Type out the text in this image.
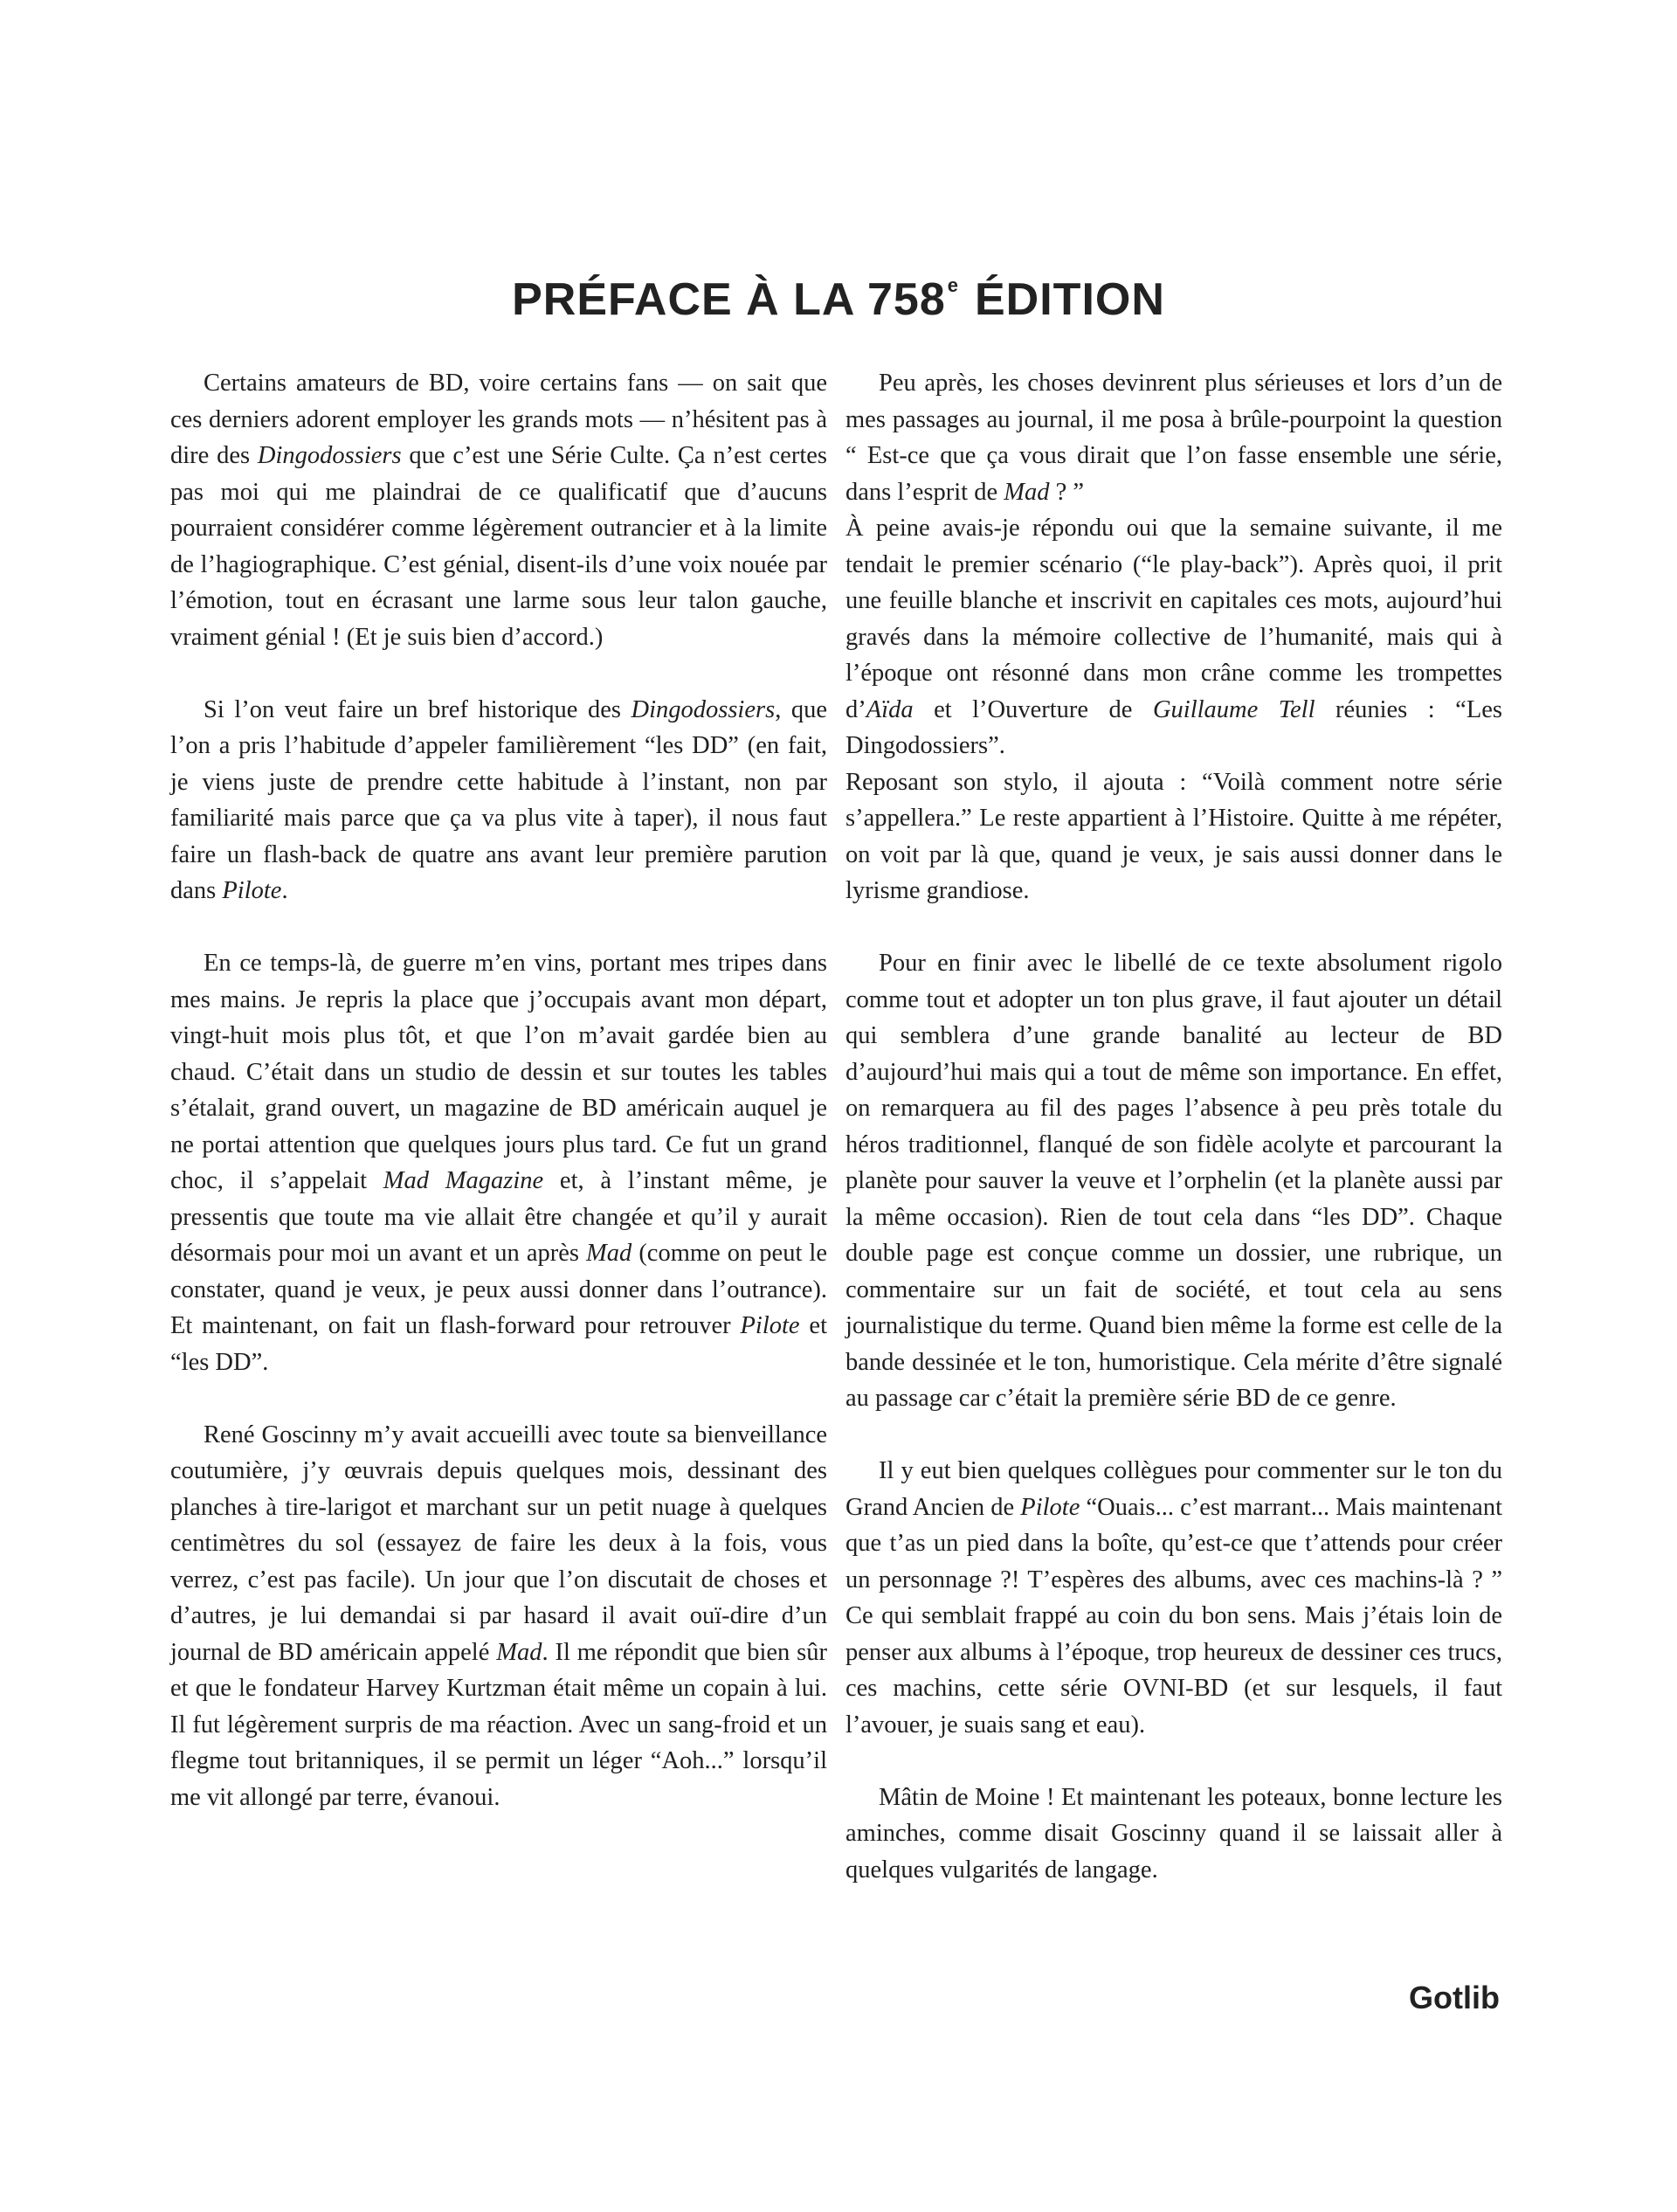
PRÉFACE À LA 758e ÉDITION

Certains amateurs de BD, voire certains fans — on sait que ces derniers adorent employer les grands mots — n’hésitent pas à dire des Dingodossiers que c’est une Série Culte. Ça n’est certes pas moi qui me plaindrai de ce qualificatif que d’aucuns pourraient considérer comme légèrement outrancier et à la limite de l’hagiographique. C’est génial, disent-ils d’une voix nouée par l’émotion, tout en écrasant une larme sous leur talon gauche, vraiment génial ! (Et je suis bien d’accord.)

Si l’on veut faire un bref historique des Dingodossiers, que l’on a pris l’habitude d’appeler familièrement “les DD” (en fait, je viens juste de prendre cette habitude à l’instant, non par familiarité mais parce que ça va plus vite à taper), il nous faut faire un flash-back de quatre ans avant leur première parution dans Pilote.

En ce temps-là, de guerre m’en vins, portant mes tripes dans mes mains. Je repris la place que j’occupais avant mon départ, vingt-huit mois plus tôt, et que l’on m’avait gardée bien au chaud. C’était dans un studio de dessin et sur toutes les tables s’étalait, grand ouvert, un magazine de BD américain auquel je ne portai attention que quelques jours plus tard. Ce fut un grand choc, il s’appelait Mad Magazine et, à l’instant même, je pressentis que toute ma vie allait être changée et qu’il y aurait désormais pour moi un avant et un après Mad (comme on peut le constater, quand je veux, je peux aussi donner dans l’outrance). Et maintenant, on fait un flash-forward pour retrouver Pilote et “les DD”.

René Goscinny m’y avait accueilli avec toute sa bienveillance coutumière, j’y œuvrais depuis quelques mois, dessinant des planches à tire-larigot et marchant sur un petit nuage à quelques centimètres du sol (essayez de faire les deux à la fois, vous verrez, c’est pas facile). Un jour que l’on discutait de choses et d’autres, je lui demandai si par hasard il avait ouï-dire d’un journal de BD américain appelé Mad. Il me répondit que bien sûr et que le fondateur Harvey Kurtzman était même un copain à lui. Il fut légèrement surpris de ma réaction. Avec un sang-froid et un flegme tout britanniques, il se permit un léger “Aoh...” lorsqu’il me vit allongé par terre, évanoui.

Peu après, les choses devinrent plus sérieuses et lors d’un de mes passages au journal, il me posa à brûle-pourpoint la question “ Est-ce que ça vous dirait que l’on fasse ensemble une série, dans l’esprit de Mad ? ”
À peine avais-je répondu oui que la semaine suivante, il me tendait le premier scénario (“le play-back”). Après quoi, il prit une feuille blanche et inscrivit en capitales ces mots, aujourd’hui gravés dans la mémoire collective de l’humanité, mais qui à l’époque ont résonné dans mon crâne comme les trompettes d’Aïda et l’Ouverture de Guillaume Tell réunies : “Les Dingodossiers”.
Reposant son stylo, il ajouta : “Voilà comment notre série s’appellera.” Le reste appartient à l’Histoire. Quitte à me répéter, on voit par là que, quand je veux, je sais aussi donner dans le lyrisme grandiose.

Pour en finir avec le libellé de ce texte absolument rigolo comme tout et adopter un ton plus grave, il faut ajouter un détail qui semblera d’une grande banalité au lecteur de BD d’aujourd’hui mais qui a tout de même son importance. En effet, on remarquera au fil des pages l’absence à peu près totale du héros traditionnel, flanqué de son fidèle acolyte et parcourant la planète pour sauver la veuve et l’orphelin (et la planète aussi par la même occasion). Rien de tout cela dans “les DD”. Chaque double page est conçue comme un dossier, une rubrique, un commentaire sur un fait de société, et tout cela au sens journalistique du terme. Quand bien même la forme est celle de la bande dessinée et le ton, humoristique. Cela mérite d’être signalé au passage car c’était la première série BD de ce genre.

Il y eut bien quelques collègues pour commenter sur le ton du Grand Ancien de Pilote “Ouais... c’est marrant... Mais maintenant que t’as un pied dans la boîte, qu’est-ce que t’attends pour créer un personnage ?! T’espères des albums, avec ces machins-là ? ” Ce qui semblait frappé au coin du bon sens. Mais j’étais loin de penser aux albums à l’époque, trop heureux de dessiner ces trucs, ces machins, cette série OVNI-BD (et sur lesquels, il faut l’avouer, je suais sang et eau).

Mâtin de Moine ! Et maintenant les poteaux, bonne lecture les aminches, comme disait Goscinny quand il se laissait aller à quelques vulgarités de langage.

Gotlib
